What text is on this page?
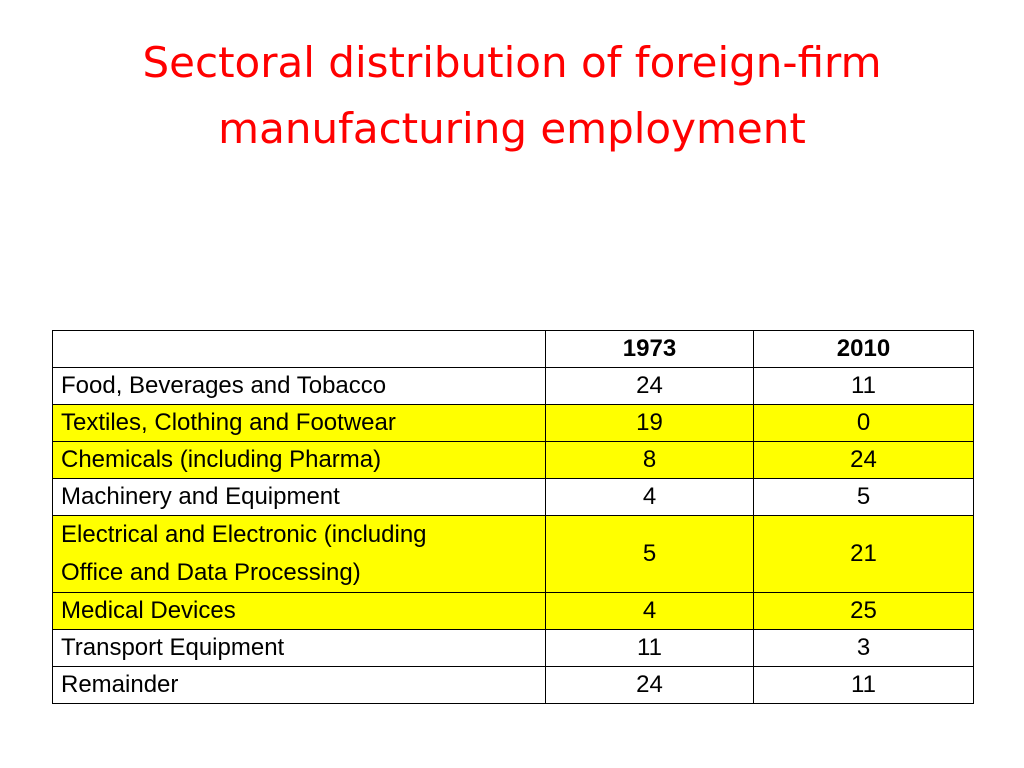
Sectoral distribution of foreign-firm
manufacturing employment
	1973	2010
Food, Beverages and Tobacco	24	11
Textiles, Clothing and Footwear	19	0
Chemicals (including Pharma)	8	24
Machinery and Equipment	4	5
Electrical and Electronic (including
Office and Data Processing)	5	21
Medical Devices	4	25
Transport Equipment	11	3
Remainder	24	11
